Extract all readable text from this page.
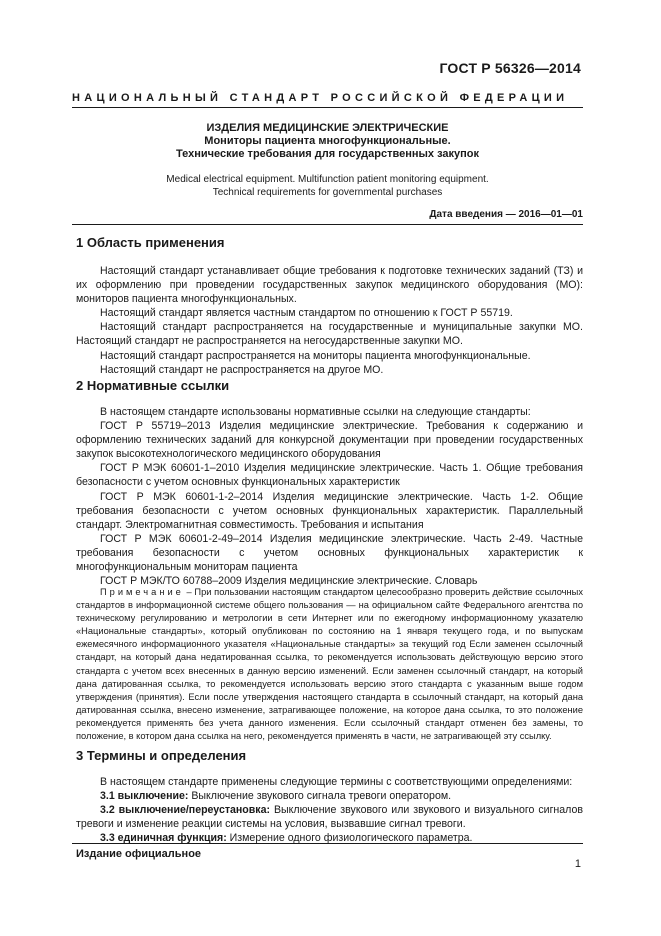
ГОСТ Р 56326—2014
НАЦИОНАЛЬНЫЙ СТАНДАРТ РОССИЙСКОЙ ФЕДЕРАЦИИ
ИЗДЕЛИЯ МЕДИЦИНСКИЕ ЭЛЕКТРИЧЕСКИЕ
Мониторы пациента многофункциональные.
Технические требования для государственных закупок
Medical electrical equipment. Multifunction patient monitoring equipment.
Technical requirements for governmental purchases
Дата введения — 2016—01—01
1 Область применения

Настоящий стандарт устанавливает общие требования к подготовке технических заданий (ТЗ) и их оформлению при проведении государственных закупок медицинского оборудования (МО): мониторов пациента многофункциональных.

Настоящий стандарт является частным стандартом по отношению к ГОСТ Р 55719.

Настоящий стандарт распространяется на государственные и муниципальные закупки МО. Настоящий стандарт не распространяется на негосударственные закупки МО.

Настоящий стандарт распространяется на мониторы пациента многофункциональные.

Настоящий стандарт не распространяется на другое МО.

2 Нормативные ссылки

В настоящем стандарте использованы нормативные ссылки на следующие стандарты:

ГОСТ Р 55719–2013 Изделия медицинские электрические. Требования к содержанию и оформлению технических заданий для конкурсной документации при проведении государственных закупок высокотехнологического медицинского оборудования

ГОСТ Р МЭК 60601-1–2010 Изделия медицинские электрические. Часть 1. Общие требования безопасности с учетом основных функциональных характеристик

ГОСТ Р МЭК 60601-1-2–2014 Изделия медицинские электрические. Часть 1-2. Общие требования безопасности с учетом основных функциональных характеристик. Параллельный стандарт. Электромагнитная совместимость. Требования и испытания

ГОСТ Р МЭК 60601-2-49–2014 Изделия медицинские электрические. Часть 2-49. Частные требования безопасности с учетом основных функциональных характеристик к многофункциональным мониторам пациента

ГОСТ Р МЭК/ТО 60788–2009 Изделия медицинские электрические. Словарь

Примечание – При пользовании настоящим стандартом целесообразно проверить действие ссылочных стандартов в информационной системе общего пользования — на официальном сайте Федерального агентства по техническому регулированию и метрологии в сети Интернет или по ежегодному информационному указателю «Национальные стандарты», который опубликован по состоянию на 1 января текущего года, и по выпускам ежемесячного информационного указателя «Национальные стандарты» за текущий год Если заменен ссылочный стандарт, на который дана недатированная ссылка, то рекомендуется использовать действующую версию этого стандарта с учетом всех внесенных в данную версию изменений. Если заменен ссылочный стандарт, на который дана датированная ссылка, то рекомендуется использовать версию этого стандарта с указанным выше годом утверждения (принятия). Если после утверждения настоящего стандарта в ссылочный стандарт, на который дана датированная ссылка, внесено изменение, затрагивающее положение, на которое дана ссылка, то это положение рекомендуется применять без учета данного изменения. Если ссылочный стандарт отменен без замены, то положение, в котором дана ссылка на него, рекомендуется применять в части, не затрагивающей эту ссылку.

3 Термины и определения

В настоящем стандарте применены следующие термины с соответствующими определениями:

3.1 выключение: Выключение звукового сигнала тревоги оператором.

3.2 выключение/переустановка: Выключение звукового или звукового и визуального сигналов тревоги и изменение реакции системы на условия, вызвавшие сигнал тревоги.

3.3 единичная функция: Измерение одного физиологического параметра.

Издание официальное
1
